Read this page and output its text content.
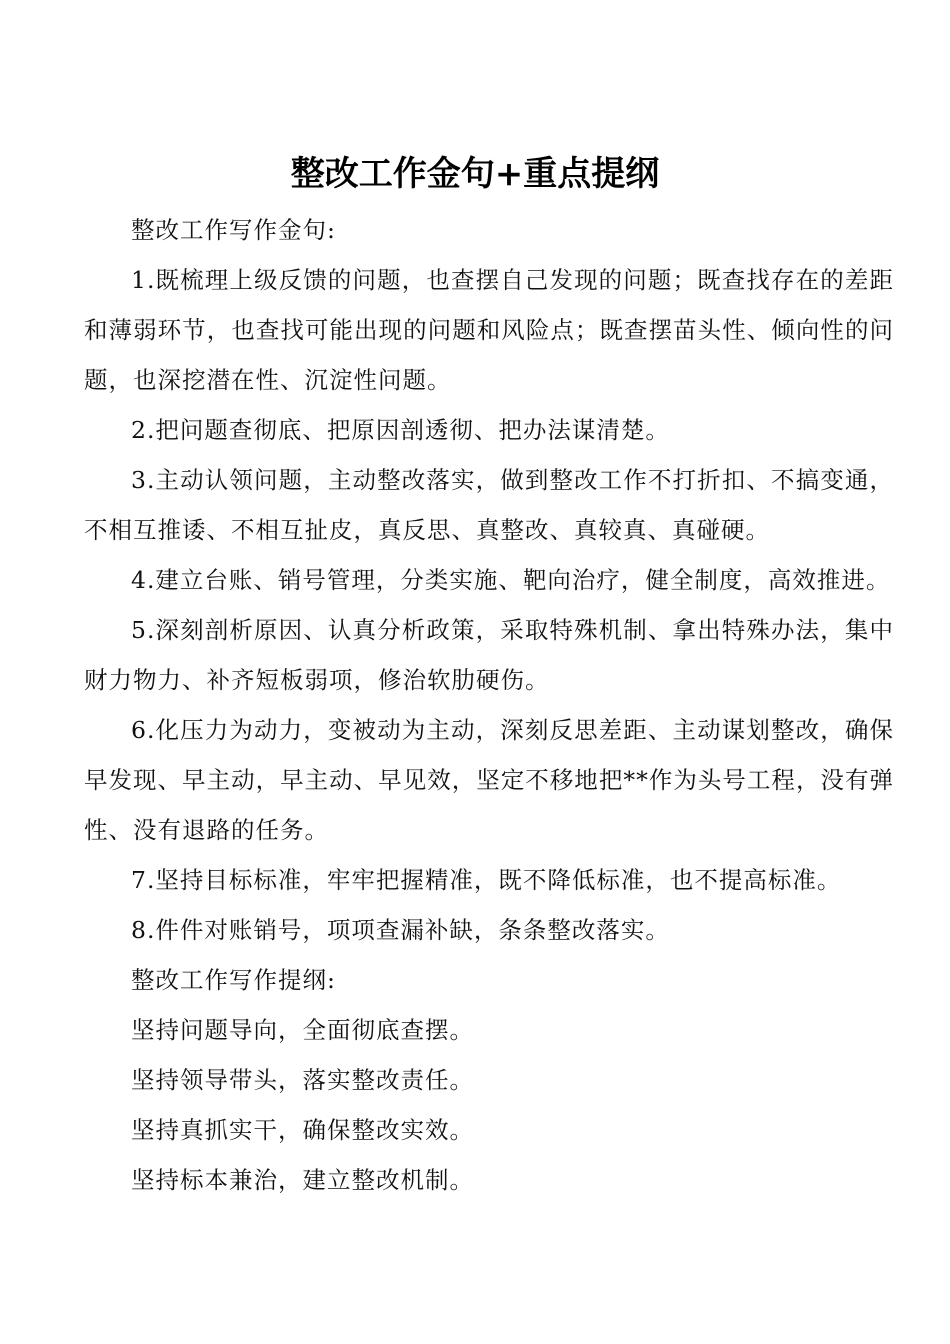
整改工作金句+重点提纲

整改工作写作金句:

1.既梳理上级反馈的问题，也查摆自己发现的问题；既查找存在的差距和薄弱环节，也查找可能出现的问题和风险点；既查摆苗头性、倾向性的问题，也深挖潜在性、沉淀性问题。

2.把问题查彻底、把原因剖透彻、把办法谋清楚。

3.主动认领问题，主动整改落实，做到整改工作不打折扣、不搞变通，不相互推诿、不相互扯皮，真反思、真整改、真较真、真碰硬。

4.建立台账、销号管理，分类实施、靶向治疗，健全制度，高效推进。

5.深刻剖析原因、认真分析政策，采取特殊机制、拿出特殊办法，集中财力物力、补齐短板弱项，修治软肋硬伤。

6.化压力为动力，变被动为主动，深刻反思差距、主动谋划整改，确保早发现、早主动，早主动、早见效，坚定不移地把**作为头号工程，没有弹性、没有退路的任务。

7.坚持目标标准，牢牢把握精准，既不降低标准，也不提高标准。

8.件件对账销号，项项查漏补缺，条条整改落实。

整改工作写作提纲:

坚持问题导向，全面彻底查摆。

坚持领导带头，落实整改责任。

坚持真抓实干，确保整改实效。

坚持标本兼治，建立整改机制。
